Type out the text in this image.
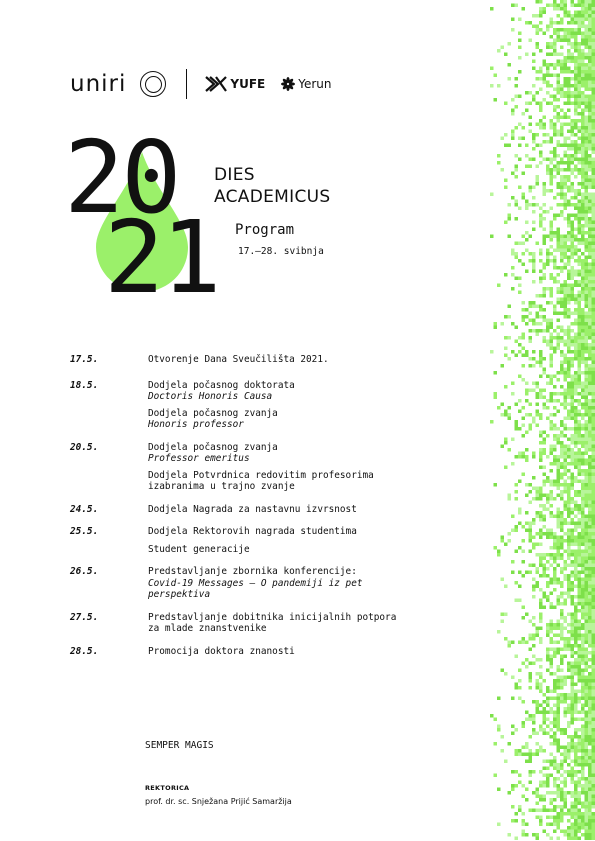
uniri	YUFE	Yerun
20
21
DIES
ACADEMICUS
Program
17.–28. svibnja
17.5.	Otvorenje Dana Sveučilišta 2021.
18.5.	Dodjela počasnog doktorata
Doctoris Honoris Causa
Dodjela počasnog zvanja
Honoris professor
20.5.	Dodjela počasnog zvanja
Professor emeritus
Dodjela Potvrdnica redovitim profesorima
izabranima u trajno zvanje
24.5.	Dodjela Nagrada za nastavnu izvrsnost
25.5.	Dodjela Rektorovih nagrada studentima
Student generacije
26.5.	Predstavljanje zbornika konferencije:
Covid-19 Messages – O pandemiji iz pet
perspektiva
27.5.	Predstavljanje dobitnika inicijalnih potpora
za mlade znanstvenike
28.5.	Promocija doktora znanosti
SEMPER MAGIS
REKTORICA
prof. dr. sc. Snježana Prijić Samaržija
